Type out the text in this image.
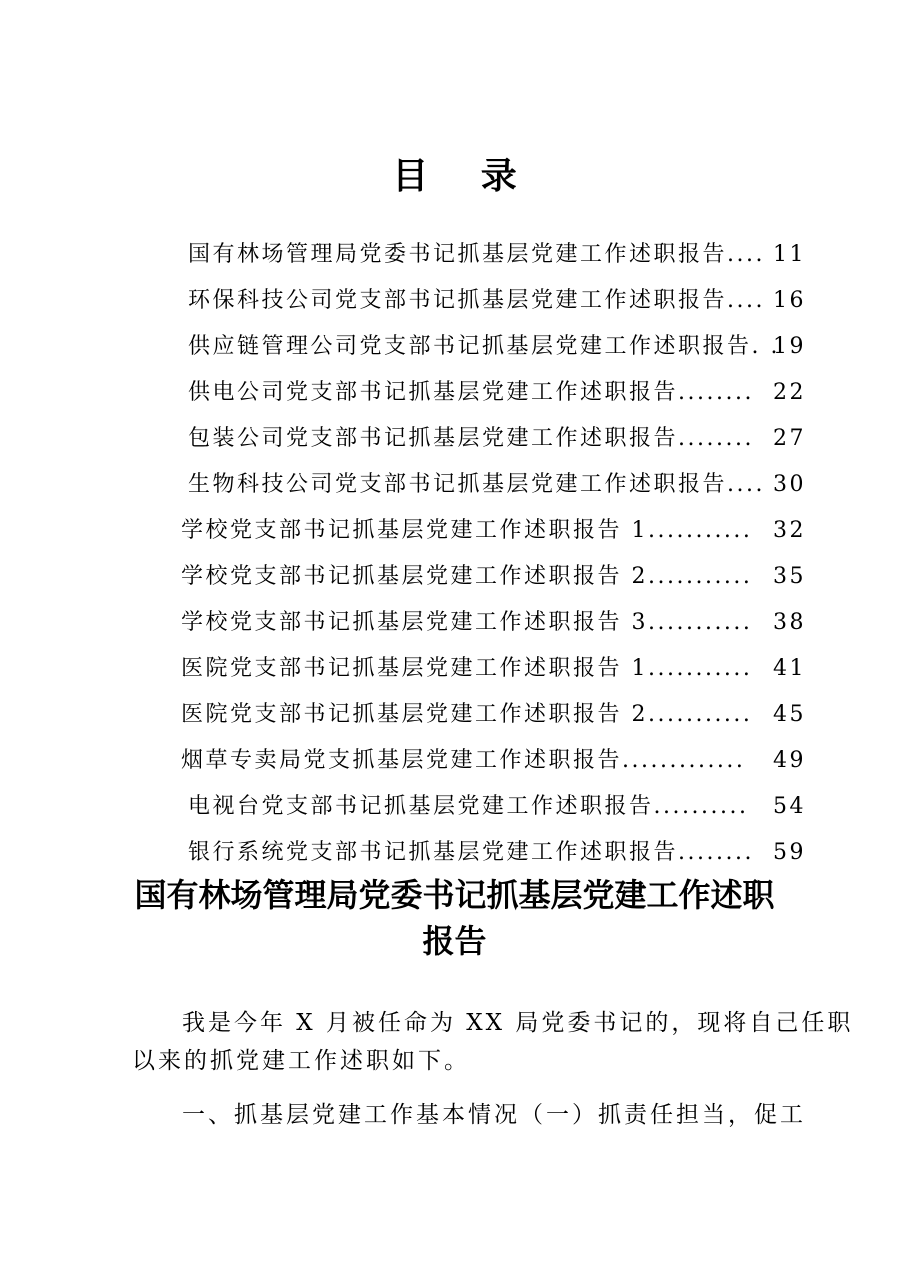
目 录
国有林场管理局党委书记抓基层党建工作述职报告.... 11
环保科技公司党支部书记抓基层党建工作述职报告.... 16
供应链管理公司党支部书记抓基层党建工作述职报告. .
19
供电公司党支部书记抓基层党建工作述职报告........ 22
包装公司党支部书记抓基层党建工作述职报告........ 27
生物科技公司党支部书记抓基层党建工作述职报告.... 30
学校党支部书记抓基层党建工作述职报告 1........... 32
学校党支部书记抓基层党建工作述职报告 2........... 35
学校党支部书记抓基层党建工作述职报告 3........... 38
医院党支部书记抓基层党建工作述职报告 1........... 41
医院党支部书记抓基层党建工作述职报告 2........... 45
烟草专卖局党支抓基层党建工作述职报告............. 49
电视台党支部书记抓基层党建工作述职报告.......... 54
银行系统党支部书记抓基层党建工作述职报告........ 59
国有林场管理局党委书记抓基层党建工作述职
报告
我是今年 X 月被任命为 XX 局党委书记的，现将自己任职
以来的抓党建工作述职如下。
一、抓基层党建工作基本情况（一）抓责任担当，促工
